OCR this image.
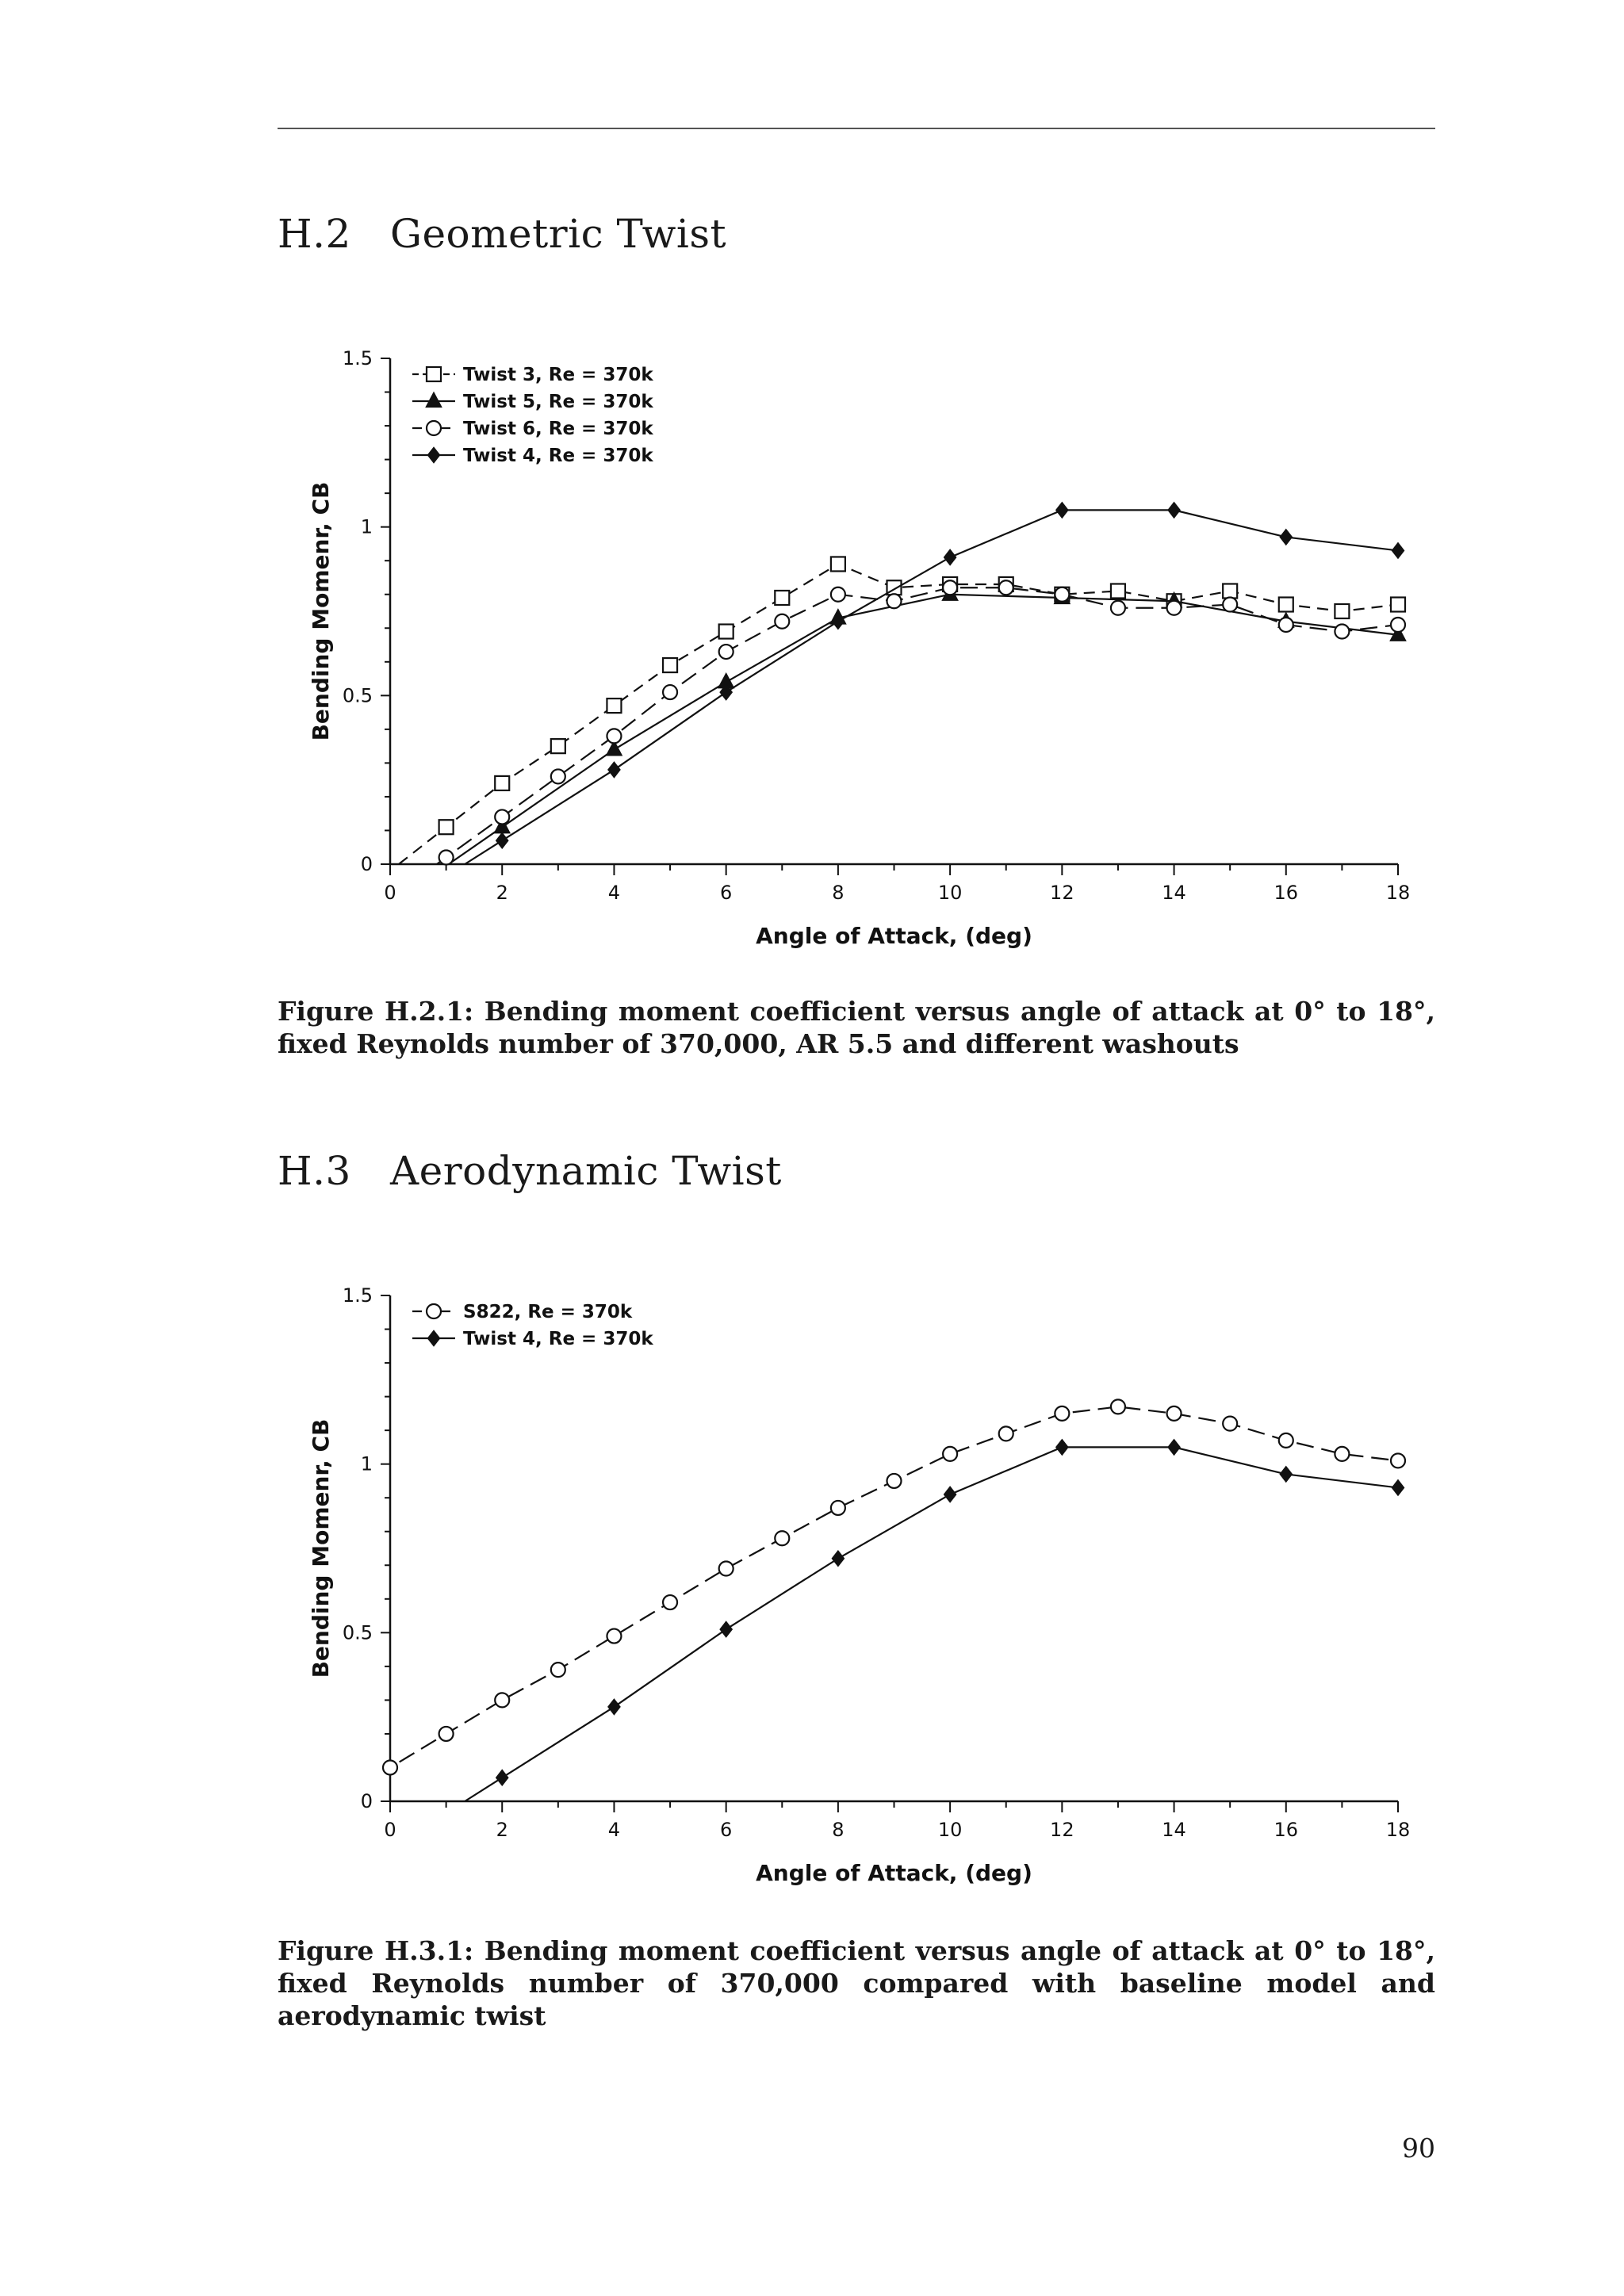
H.2 Geometric Twist
0	2	4	6	8	10	12	14	16	18
0
0.5
1
1.5
Angle of Attack, (deg)
Bending Momenr, CB
Twist 3, Re = 370k
Twist 5, Re = 370k
Twist 6, Re = 370k
Twist 4, Re = 370k

Figure H.2.1: Bending moment coefficient versus angle of attack at 0° to 18°, fixed Reynolds number of 370,000, AR 5.5 and different washouts

H.3 Aerodynamic Twist
0	2	4	6	8	10	12	14	16	18
0
0.5
1
1.5
Angle of Attack, (deg)
Bending Momenr, CB
S822, Re = 370k
Twist 4, Re = 370k

Figure H.3.1: Bending moment coefficient versus angle of attack at 0° to 18°, fixed Reynolds number of 370,000 compared with baseline model and aerodynamic twist

90
